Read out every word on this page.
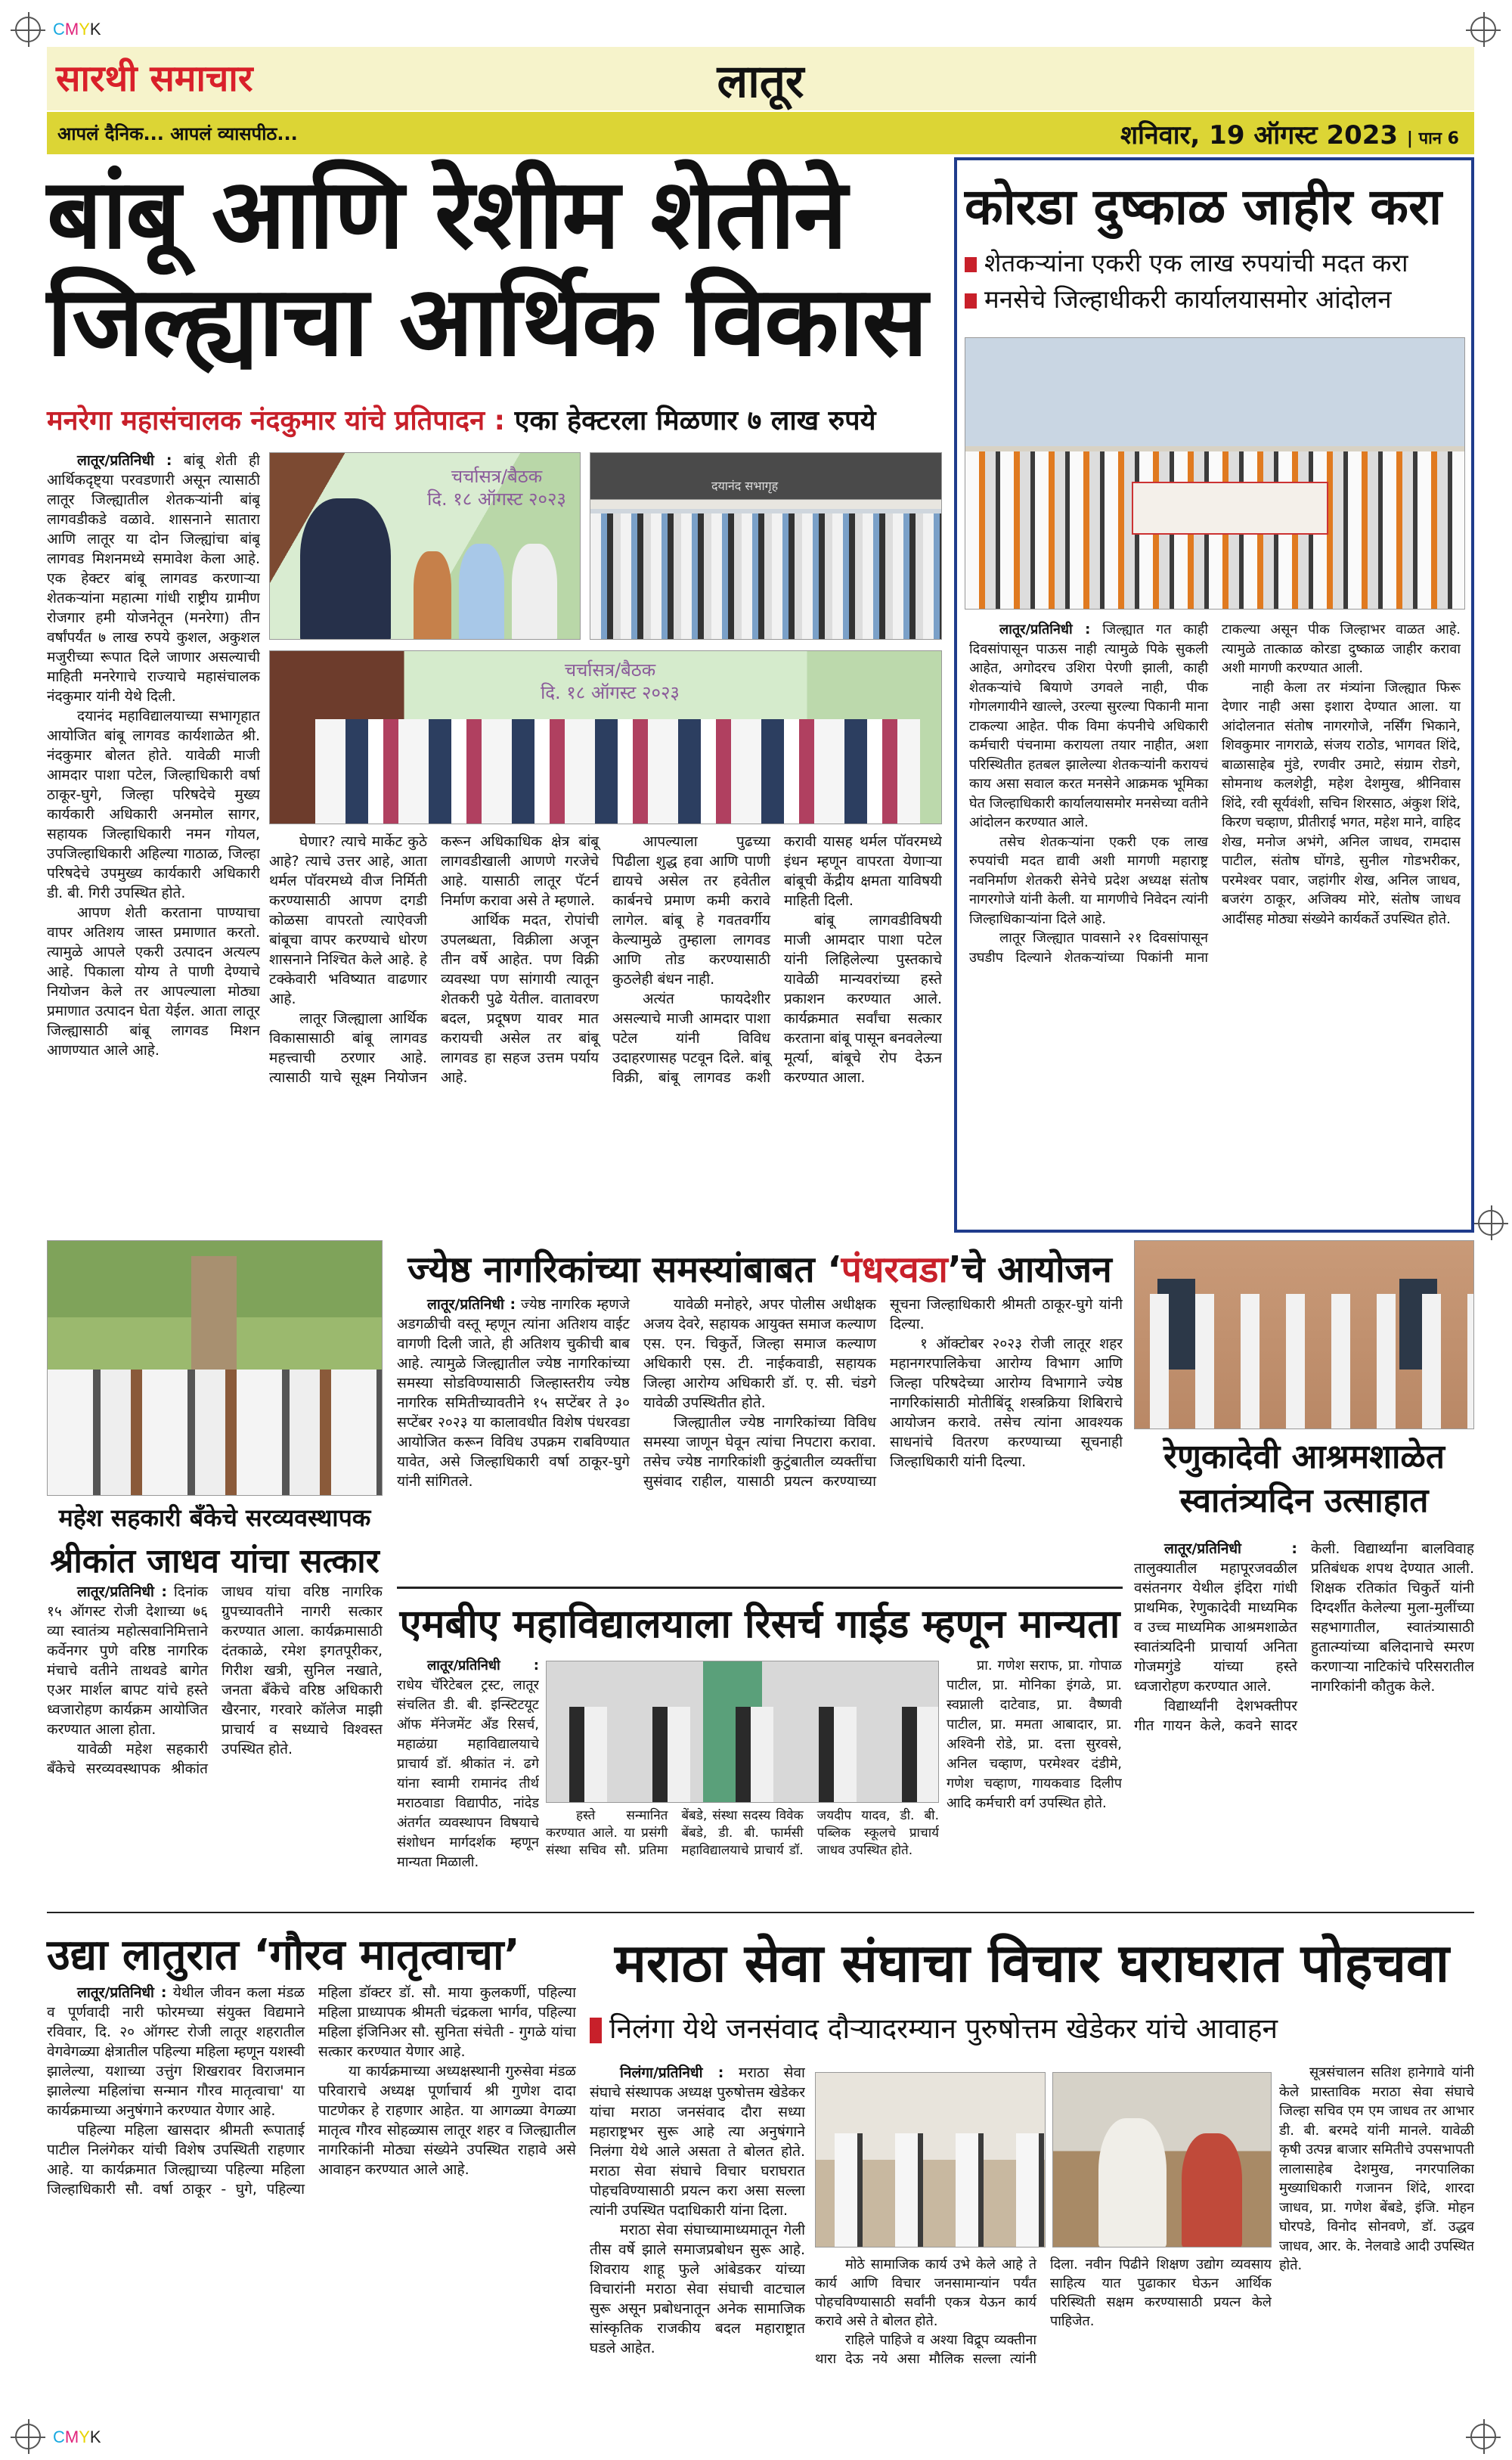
CMYK
CMYK
लातूर
सारथी समाचार
आपलं दैनिक... आपलं व्यासपीठ...	शनिवार, 19 ऑगस्ट 2023 | पान 6
बांबू आणि रेशीम शेतीने
जिल्ह्याचा आर्थिक विकास
मनरेगा महासंचालक नंदकुमार यांचे प्रतिपादन : एका हेक्टरला मिळणार ७ लाख रुपये

लातूर/प्रतिनिधी : बांबू शेती ही आर्थिकदृष्ट्या परवडणारी असून त्यासाठी लातूर जिल्ह्यातील शेतकऱ्यांनी बांबू लागवडीकडे वळावे. शासनाने सातारा आणि लातूर या दोन जिल्ह्यांचा बांबू लागवड मिशनमध्ये समावेश केला आहे. एक हेक्टर बांबू लागवड करणाऱ्या शेतकऱ्यांना महात्मा गांधी राष्ट्रीय ग्रामीण रोजगार हमी योजनेतून (मनरेगा) तीन वर्षांपर्यंत ७ लाख रुपये कुशल, अकुशल मजुरीच्या रूपात दिले जाणार असल्याची माहिती मनरेगाचे राज्याचे महासंचालक नंदकुमार यांनी येथे दिली.

दयानंद महाविद्यालयाच्या सभागृहात आयोजित बांबू लागवड कार्यशाळेत श्री. नंदकुमार बोलत होते. यावेळी माजी आमदार पाशा पटेल, जिल्हाधिकारी वर्षा ठाकूर-घुगे, जिल्हा परिषदेचे मुख्य कार्यकारी अधिकारी अनमोल सागर, सहायक जिल्हाधिकारी नमन गोयल, उपजिल्हाधिकारी अहिल्या गाठाळ, जिल्हा परिषदेचे उपमुख्य कार्यकारी अधिकारी डी. बी. गिरी उपस्थित होते.

आपण शेती करताना पाण्याचा वापर अतिशय जास्त प्रमाणात करतो. त्यामुळे आपले एकरी उत्पादन अत्यल्प आहे. पिकाला योग्य ते पाणी देण्याचे नियोजन केले तर आपल्याला मोठ्या प्रमाणात उत्पादन घेता येईल. आता लातूर जिल्ह्यासाठी बांबू लागवड मिशन आणण्यात आले आहे.

चर्चासत्र/बैठक
दि. १८ ऑगस्ट २०२३
दयानंद सभागृह
चर्चासत्र/बैठक
दि. १८ ऑगस्ट २०२३

घेणार? त्याचे मार्केट कुठे आहे? त्याचे उत्तर आहे, आता थर्मल पॉवरमध्ये वीज निर्मिती करण्यासाठी आपण दगडी कोळसा वापरतो त्याऐवजी बांबूचा वापर करण्याचे धोरण शासनाने निश्चित केले आहे. हे टक्केवारी भविष्यात वाढणार आहे.

लातूर जिल्ह्याला आर्थिक विकासासाठी बांबू लागवड महत्त्वाची ठरणार आहे. त्यासाठी याचे सूक्ष्म नियोजन करून अधिकाधिक क्षेत्र बांबू लागवडीखाली आणणे गरजेचे आहे. यासाठी लातूर पॅटर्न निर्माण करावा असे ते म्हणाले.

आर्थिक मदत, रोपांची उपलब्धता, विक्रीला अजून तीन वर्षे आहेत. पण विक्री व्यवस्था पण सांगायी त्यातून शेतकरी पुढे येतील. वातावरण बदल, प्रदूषण यावर मात करायची असेल तर बांबू लागवड हा सहज उत्तम पर्याय आहे.

आपल्याला पुढच्या पिढीला शुद्ध हवा आणि पाणी द्यायचे असेल तर हवेतील कार्बनचे प्रमाण कमी करावे लागेल. बांबू हे गवतवर्गीय केल्यामुळे तुम्हाला लागवड आणि तोड करण्यासाठी कुठलेही बंधन नाही.

अत्यंत फायदेशीर असल्याचे माजी आमदार पाशा पटेल यांनी विविध उदाहरणासह पटवून दिले. बांबू विक्री, बांबू लागवड कशी करावी यासह थर्मल पॉवरमध्ये इंधन म्हणून वापरता येणाऱ्या बांबूची केंद्रीय क्षमता याविषयी माहिती दिली.

बांबू लागवडीविषयी माजी आमदार पाशा पटेल यांनी लिहिलेल्या पुस्तकाचे यावेळी मान्यवरांच्या हस्ते प्रकाशन करण्यात आले. कार्यक्रमात सर्वांचा सत्कार करताना बांबू पासून बनवलेल्या मूर्त्या, बांबूचे रोप देऊन करण्यात आला.

कोरडा दुष्काळ जाहीर करा
शेतकऱ्यांना एकरी एक लाख रुपयांची मदत करा
मनसेचे जिल्हाधीकरी कार्यालयासमोर आंदोलन

लातूर/प्रतिनिधी : जिल्ह्यात गत काही दिवसांपासून पाऊस नाही त्यामुळे पिके सुकली आहेत, अगोदरच उशिरा पेरणी झाली, काही शेतकऱ्यांचे बियाणे उगवले नाही, पीक गोगलगायीने खाल्ले, उरल्या सुरल्या पिकानी माना टाकल्या आहेत. पीक विमा कंपनीचे अधिकारी कर्मचारी पंचनामा करायला तयार नाहीत, अशा परिस्थितीत हतबल झालेल्या शेतकऱ्यांनी करायचं काय असा सवाल करत मनसेने आक्रमक भूमिका घेत जिल्हाधिकारी कार्यालयासमोर मनसेच्या वतीने आंदोलन करण्यात आले.

तसेच शेतकऱ्यांना एकरी एक लाख रुपयांची मदत द्यावी अशी मागणी महाराष्ट्र नवनिर्माण शेतकरी सेनेचे प्रदेश अध्यक्ष संतोष नागरगोजे यांनी केली. या मागणीचे निवेदन त्यांनी जिल्हाधिकाऱ्यांना दिले आहे.

लातूर जिल्ह्यात पावसाने २१ दिवसांपासून उघडीप दिल्याने शेतकऱ्यांच्या पिकांनी माना टाकल्या असून पीक जिल्हाभर वाळत आहे. त्यामुळे तात्काळ कोरडा दुष्काळ जाहीर करावा अशी मागणी करण्यात आली.

नाही केला तर मंत्र्यांना जिल्ह्यात फिरू देणार नाही असा इशारा देण्यात आला. या आंदोलनात संतोष नागरगोजे, नर्सिंग भिकाने, शिवकुमार नागराळे, संजय राठोड, भागवत शिंदे, बाळासाहेब मुंडे, रणवीर उमाटे, संग्राम रोडगे, सोमनाथ कलशेट्टी, महेश देशमुख, श्रीनिवास शिंदे, रवी सूर्यवंशी, सचिन शिरसाठ, अंकुश शिंदे, किरण चव्हाण, प्रीतीराई भगत, महेश माने, वाहिद शेख, मनोज अभंगे, अनिल जाधव, रामदास पाटील, संतोष घोंगडे, सुनील गोडभरीकर, परमेश्वर पवार, जहांगीर शेख, अनिल जाधव, बजरंग ठाकूर, अजिक्य मोरे, संतोष जाधव आदींसह मोठ्या संख्येने कार्यकर्ते उपस्थित होते.

महेश सहकारी बँकेचे सरव्यवस्थापक
श्रीकांत जाधव यांचा सत्कार

लातूर/प्रतिनिधी : दिनांक १५ ऑगस्ट रोजी देशाच्या ७६ व्या स्वातंत्र्य महोत्सवानिमित्ताने कर्वेनगर पुणे वरिष्ठ नागरिक मंचाचे वतीने ताथवडे बागेत एअर मार्शल बापट यांचे हस्ते ध्वजारोहण कार्यक्रम आयोजित करण्यात आला होता.

यावेळी महेश सहकारी बँकेचे सरव्यवस्थापक श्रीकांत जाधव यांचा वरिष्ठ नागरिक ग्रुपच्यावतीने नागरी सत्कार करण्यात आला. कार्यक्रमासाठी दंतकाळे, रमेश इगतपूरीकर, गिरीश खत्री, सुनिल नखाते, जनता बँकेचे वरिष्ठ अधिकारी खैरनार, गरवारे कॉलेज माझी प्राचार्य व सध्याचे विश्वस्त उपस्थित होते.

ज्येष्ठ नागरिकांच्या समस्यांबाबत ‘पंधरवडा’चे आयोजन

लातूर/प्रतिनिधी : ज्येष्ठ नागरिक म्हणजे अडगळीची वस्तू म्हणून त्यांना अतिशय वाईट वागणी दिली जाते, ही अतिशय चुकीची बाब आहे. त्यामुळे जिल्ह्यातील ज्येष्ठ नागरिकांच्या समस्या सोडविण्यासाठी जिल्हास्तरीय ज्येष्ठ नागरिक समितीच्यावतीने १५ सप्टेंबर ते ३० सप्टेंबर २०२३ या कालावधीत विशेष पंधरवडा आयोजित करून विविध उपक्रम राबविण्यात यावेत, असे जिल्हाधिकारी वर्षा ठाकूर-घुगे यांनी सांगितले.

यावेळी मनोहरे, अपर पोलीस अधीक्षक अजय देवरे, सहायक आयुक्त समाज कल्याण एस. एन. चिकुर्ते, जिल्हा समाज कल्याण अधिकारी एस. टी. नाईकवाडी, सहायक जिल्हा आरोग्य अधिकारी डॉ. ए. सी. चंडगे यावेळी उपस्थितीत होते.

जिल्ह्यातील ज्येष्ठ नागरिकांच्या विविध समस्या जाणून घेवून त्यांचा निपटारा करावा. तसेच ज्येष्ठ नागरिकांशी कुटुंबातील व्यक्तींचा सुसंवाद राहील, यासाठी प्रयत्न करण्याच्या सूचना जिल्हाधिकारी श्रीमती ठाकूर-घुगे यांनी दिल्या.

१ ऑक्टोबर २०२३ रोजी लातूर शहर महानगरपालिकेचा आरोग्य विभाग आणि जिल्हा परिषदेच्या आरोग्य विभागाने ज्येष्ठ नागरिकांसाठी मोतीबिंदू शस्त्रक्रिया शिबिराचे आयोजन करावे. तसेच त्यांना आवश्यक साधनांचे वितरण करण्याच्या सूचनाही जिल्हाधिकारी यांनी दिल्या.	रेणुकादेवी आश्रमशाळेत
स्वातंत्र्यदिन उत्साहात

लातूर/प्रतिनिधी : तालुक्यातील महापूरजवळील वसंतनगर येथील इंदिरा गांधी प्राथमिक, रेणुकादेवी माध्यमिक व उच्च माध्यमिक आश्रमशाळेत स्वातंत्र्यदिनी प्राचार्या अनिता गोजमगुंडे यांच्या हस्ते ध्वजारोहण करण्यात आले.

विद्यार्थ्यांनी देशभक्तीपर गीत गायन केले, कवने सादर केली. विद्यार्थ्यांना बालविवाह प्रतिबंधक शपथ देण्यात आली. शिक्षक रतिकांत चिकुर्ते यांनी दिग्दर्शीत केलेल्या मुला-मुलींच्या सहभागातील, स्वातंत्र्यासाठी हुतात्म्यांच्या बलिदानाचे स्मरण करणार्‍या नाटिकांचे परिसरातील नागरिकांनी कौतुक केले.

एमबीए महाविद्यालयाला रिसर्च गाईड म्हणून मान्यता

लातूर/प्रतिनिधी : राधेय चॅरिटेबल ट्रस्ट, लातूर संचलित डी. बी. इन्स्टिटयूट ऑफ मॅनेजमेंट अँड रिसर्च, महाळंग्रा महाविद्यालयाचे प्राचार्य डॉ. श्रीकांत नं. ढगे यांना स्वामी रामानंद तीर्थ मराठवाडा विद्यापीठ, नांदेड अंतर्गत व्यवस्थापन विषयाचे संशोधन मार्गदर्शक म्हणून मान्यता मिळाली.

हस्ते सन्मानित करण्यात आले. या प्रसंगी संस्था सचिव सौ. प्रतिमा बेंबडे, संस्था सदस्य विवेक बेंबडे, डी. बी. फार्मसी महाविद्यालयाचे प्राचार्य डॉ. जयदीप यादव, डी. बी. पब्लिक स्कूलचे प्राचार्य जाधव उपस्थित होते.

प्रा. गणेश सराफ, प्रा. गोपाळ पाटील, प्रा. मोनिका इंगळे, प्रा. स्वप्नाली दाटेवाड, प्रा. वैष्णवी पाटील, प्रा. ममता आबादार, प्रा. अश्विनी रोडे, प्रा. दत्ता सुरवसे, अनिल चव्हाण, परमेश्वर दंडीमे, गणेश चव्हाण, गायकवाड दिलीप आदि कर्मचारी वर्ग उपस्थित होते.

उद्या लातुरात ‘गौरव मातृत्वाचा’

लातूर/प्रतिनिधी : येथील जीवन कला मंडळ व पूर्णवादी नारी फोरमच्या संयुक्त विद्यमाने रविवार, दि. २० ऑगस्ट रोजी लातूर शहरातील वेगवेगळ्या क्षेत्रातील पहिल्या महिला म्हणून यशस्वी झालेल्या, यशाच्या उत्तुंग शिखरावर विराजमान झालेल्या महिलांचा सन्मान गौरव मातृत्वाचा' या कार्यक्रमाच्या अनुषंगाने करण्यात येणार आहे.

पहिल्या महिला खासदार श्रीमती रूपाताई पाटील निलंगेकर यांची विशेष उपस्थिती राहणार आहे. या कार्यक्रमात जिल्ह्याच्या पहिल्या महिला जिल्हाधिकारी सौ. वर्षा ठाकूर - घुगे, पहिल्या महिला डॉक्टर डॉ. सौ. माया कुलकर्णी, पहिल्या महिला प्राध्यापक श्रीमती चंद्रकला भार्गव, पहिल्या महिला इंजिनिअर सौ. सुनिता संचेती - गुगळे यांचा सत्कार करण्यात येणार आहे.

या कार्यक्रमाच्या अध्यक्षस्थानी गुरुसेवा मंडळ परिवाराचे अध्यक्ष पूर्णाचार्य श्री गुणेश दादा पाटणेकर हे राहणार आहेत. या आगळ्या वेगळ्या मातृत्व गौरव सोहळ्यास लातूर शहर व जिल्ह्यातील नागरिकांनी मोठ्या संख्येने उपस्थित राहावे असे आवाहन करण्यात आले आहे.

मराठा सेवा संघाचा विचार घराघरात पोहचवा
निलंगा येथे जनसंवाद दौऱ्यादरम्यान पुरुषोत्तम खेडेकर यांचे आवाहन

निलंगा/प्रतिनिधी : मराठा सेवा संघाचे संस्थापक अध्यक्ष पुरुषोत्तम खेडेकर यांचा मराठा जनसंवाद दौरा सध्या महाराष्ट्रभर सुरू आहे त्या अनुषंगाने निलंगा येथे आले असता ते बोलत होते. मराठा सेवा संघाचे विचार घराघरात पोहचविण्यासाठी प्रयत्न करा असा सल्ला त्यांनी उपस्थित पदाधिकारी यांना दिला.

मराठा सेवा संघाच्यामाध्यमातून गेली तीस वर्षे झाले समाजप्रबोधन सुरू आहे. शिवराय शाहू फुले आंबेडकर यांच्या विचारांनी मराठा सेवा संघाची वाटचाल सुरू असून प्रबोधनातून अनेक सामाजिक सांस्कृतिक राजकीय बदल महाराष्ट्रात घडले आहेत.

मोठे सामाजिक कार्य उभे केले आहे ते कार्य आणि विचार जनसामान्यांन पर्यंत पोहचविण्यासाठी सर्वांनी एकत्र येऊन कार्य करावे असे ते बोलत होते.

राहिले पाहिजे व अश्या विद्रूप व्यक्तीना थारा देऊ नये असा मौलिक सल्ला त्यांनी दिला. नवीन पिढीने शिक्षण उद्योग व्यवसाय साहित्य यात पुढाकार घेऊन आर्थिक परिस्थिती सक्षम करण्यासाठी प्रयत्न केले पाहिजेत.

सूत्रसंचालन सतिश हानेगावे यांनी केले प्रास्ताविक मराठा सेवा संघाचे जिल्हा सचिव एम एम जाधव तर आभार डी. बी. बरमदे यांनी मानले. यावेळी कृषी उत्पन्न बाजार समितीचे उपसभापती लालासाहेब देशमुख, नगरपालिका मुख्याधिकारी गजानन शिंदे, शारदा जाधव, प्रा. गणेश बेंबडे, इंजि. मोहन घोरपडे, विनोद सोनवणे, डॉ. उद्धव जाधव, आर. के. नेलवाडे आदी उपस्थित होते.
